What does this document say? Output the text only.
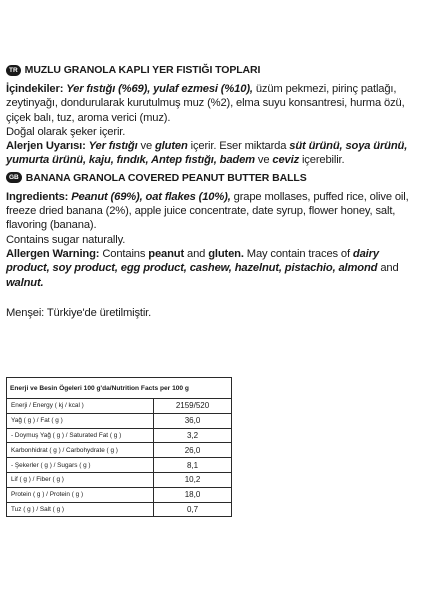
TR MUZLU GRANOLA KAPLI YER FISTIĞI TOPLARI

İçindekiler: Yer fıstığı (%69), yulaf ezmesi (%10), üzüm pekmezi, pirinç patlağı, zeytinyağı, dondurularak kurutulmuş muz (%2), elma suyu konsantresi, hurma özü, çiçek balı, tuz, aroma verici (muz).

Doğal olarak şeker içerir.

Alerjen Uyarısı: Yer fıstığı ve gluten içerir. Eser miktarda süt ürünü, soya ürünü, yumurta ürünü, kaju, fındık, Antep fıstığı, badem ve ceviz içerebilir.

GB BANANA GRANOLA COVERED PEANUT BUTTER BALLS

Ingredients: Peanut (69%), oat flakes (10%), grape mollases, puffed rice, olive oil, freeze dried banana (2%), apple juice concentrate, date syrup, flower honey, salt, flavoring (banana).

Contains sugar naturally.

Allergen Warning: Contains peanut and gluten. May contain traces of dairy product, soy product, egg product, cashew, hazelnut, pistachio, almond and walnut.

Menşei: Türkiye'de üretilmiştir.

Enerji ve Besin Ögeleri 100 g'da/Nutrition Facts per 100 g	
Enerji / Energy ( kj / kcal )	2159/520
Yağ ( g ) / Fat ( g )	36,0
- Doymuş Yağ ( g ) / Saturated Fat ( g )	3,2
Karbonhidrat ( g ) / Carbohydrate ( g )	26,0
- Şekerler ( g ) / Sugars ( g )	8,1
Lif ( g ) / Fiber ( g )	10,2
Protein ( g ) / Protein ( g )	18,0
Tuz ( g ) / Salt ( g )	0,7
